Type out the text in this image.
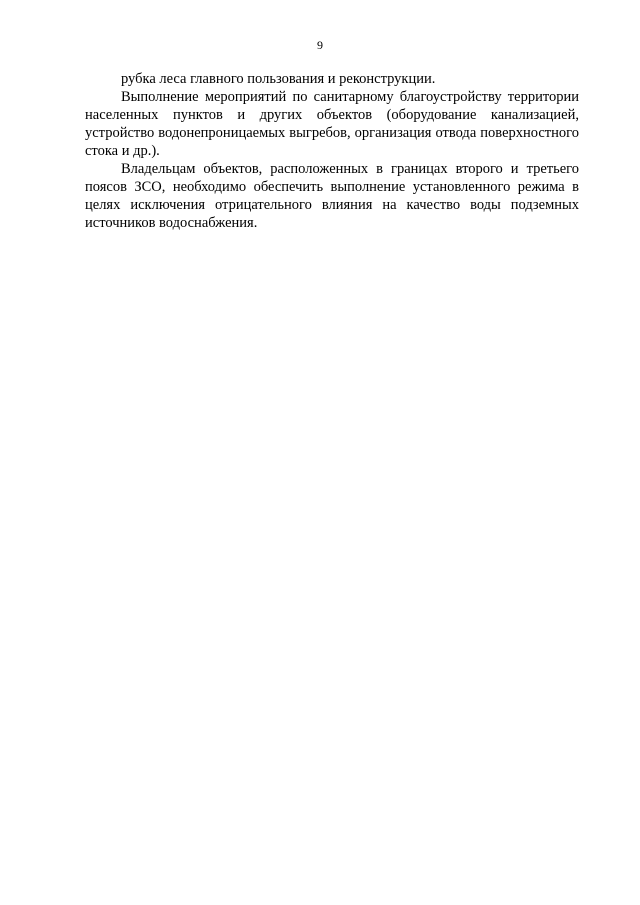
9

рубка леса главного пользования и реконструкции.

Выполнение мероприятий по санитарному благоустройству территории населенных пунктов и других объектов (оборудование канализацией, устройство водонепроницаемых выгребов, организация отвода поверхностного стока и др.).

Владельцам объектов, расположенных в границах второго и третьего поясов ЗСО, необходимо обеспечить выполнение установленного режима в целях исключения отрицательного влияния на качество воды подземных источников водоснабжения.
